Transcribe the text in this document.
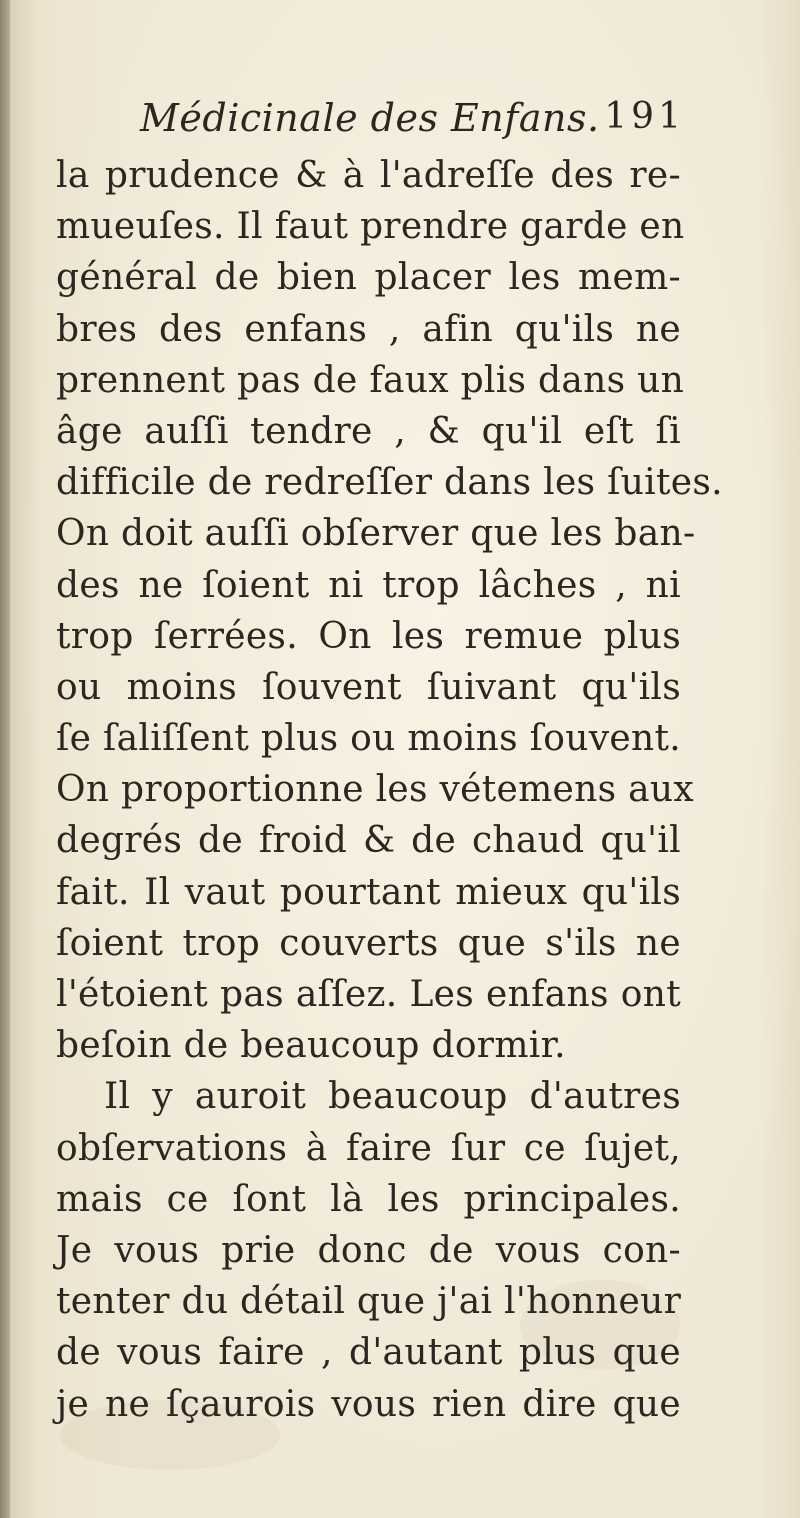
Médicinale des Enfans. 191
la prudence & à l'adreſſe des re-
mueuſes. Il faut prendre garde en
général de bien placer les mem-
bres des enfans , afin qu'ils ne
prennent pas de faux plis dans un
âge auſſi tendre , & qu'il eſt ſi
difficile de redreſſer dans les ſuites.
On doit auſſi obſerver que les ban-
des ne ſoient ni trop lâches , ni
trop ſerrées. On les remue plus
ou moins ſouvent ſuivant qu'ils
ſe ſaliſſent plus ou moins ſouvent.
On proportionne les vétemens aux
degrés de froid & de chaud qu'il
fait. Il vaut pourtant mieux qu'ils
ſoient trop couverts que s'ils ne
l'étoient pas aſſez. Les enfans ont
beſoin de beaucoup dormir.
Il y auroit beaucoup d'autres
obſervations à faire ſur ce ſujet,
mais ce ſont là les principales.
Je vous prie donc de vous con-
tenter du détail que j'ai l'honneur
de vous faire , d'autant plus que
je ne ſçaurois vous rien dire que
